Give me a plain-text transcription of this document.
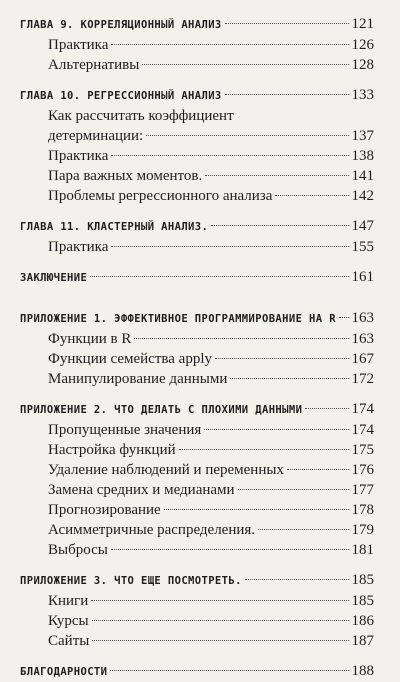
ГЛАВА 9. КОРРЕЛЯЦИОННЫЙ АНАЛИЗ	121
Практика	126
Альтернативы	128
ГЛАВА 10. РЕГРЕССИОННЫЙ АНАЛИЗ	133
Как рассчитать коэффициент
детерминации:	137
Практика	138
Пара важных моментов.	141
Проблемы регрессионного анализа	142
ГЛАВА 11. КЛАСТЕРНЫЙ АНАЛИЗ.	147
Практика	155
ЗАКЛЮЧЕНИЕ	161
ПРИЛОЖЕНИЕ 1. ЭФФЕКТИВНОЕ ПРОГРАММИРОВАНИЕ НА R 163
Функции в R	163
Функции семейства apply	167
Манипулирование данными	172
ПРИЛОЖЕНИЕ 2. ЧТО ДЕЛАТЬ С ПЛОХИМИ ДАННЫМИ	174
Пропущенные значения	174
Настройка функций	175
Удаление наблюдений и переменных	176
Замена средних и медианами	177
Прогнозирование	178
Асимметричные распределения.	179
Выбросы	181
ПРИЛОЖЕНИЕ 3. ЧТО ЕЩЕ ПОСМОТРЕТЬ.	185
Книги	185
Курсы	186
Сайты	187
БЛАГОДАРНОСТИ	188
